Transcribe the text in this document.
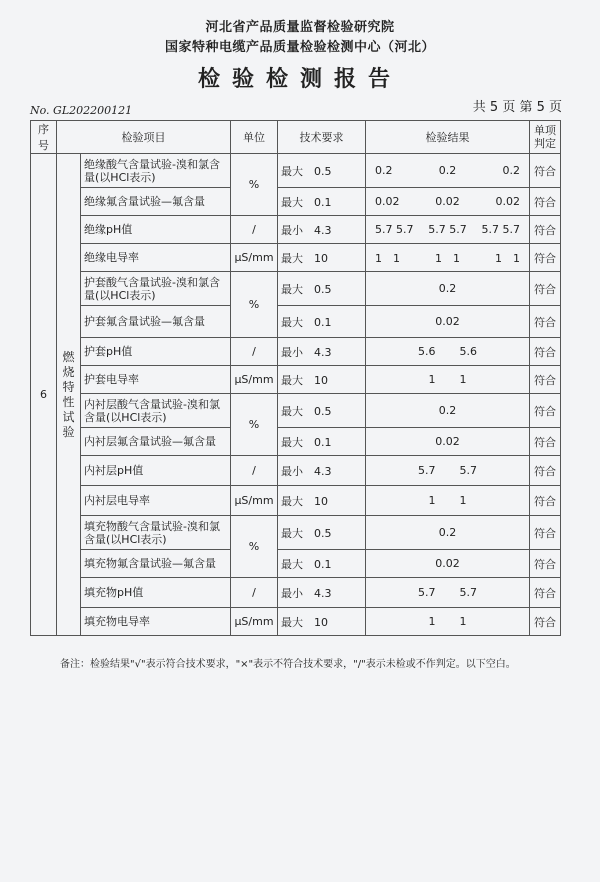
河北省产品质量监督检验研究院
国家特种电缆产品质量检验检测中心（河北）
检验检测报告
No. GL202200121	共 5 页 第 5 页
序号	检验项目		单位	技术要求	检验结果	单项判定
6	燃烧特性试验	绝缘酸气含量试验-溴和氯含量(以HCl表示)	%	最大　0.5	0.2 0.2 0.2	符合
		绝缘氟含量试验—氟含量		最大　0.1	0.02 0.02 0.02	符合
		绝缘pH值	/	最小　4.3	5.7 5.7 5.7 5.7 5.7 5.7	符合
		绝缘电导率	μS/mm	最大　10	1　1 1　1 1　1	符合
		护套酸气含量试验-溴和氯含量(以HCl表示)	%	最大　0.5	0.2	符合
		护套氟含量试验—氟含量		最大　0.1	0.02	符合
		护套pH值	/	最小　4.3	5.6 5.6	符合
		护套电导率	μS/mm	最大　10	1 1	符合
		内衬层酸气含量试验-溴和氯含量(以HCl表示)	%	最大　0.5	0.2	符合
		内衬层氟含量试验—氟含量		最大　0.1	0.02	符合
		内衬层pH值	/	最小　4.3	5.7 5.7	符合
		内衬层电导率	μS/mm	最大　10	1 1	符合
		填充物酸气含量试验-溴和氯含量(以HCl表示)	%	最大　0.5	0.2	符合
		填充物氟含量试验—氟含量		最大　0.1	0.02	符合
		填充物pH值	/	最小　4.3	5.7 5.7	符合
		填充物电导率	μS/mm	最大　10	1 1	符合
备注：检验结果"√"表示符合技术要求，"×"表示不符合技术要求，"/"表示未检或不作判定。以下空白。
